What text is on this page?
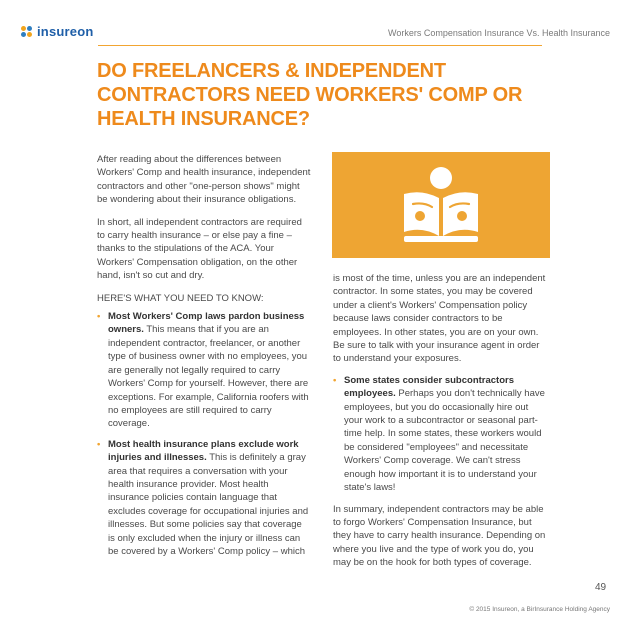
insureon	Workers Compensation Insurance Vs. Health Insurance
DO FREELANCERS & INDEPENDENT CONTRACTORS NEED WORKERS' COMP OR HEALTH INSURANCE?

After reading about the differences between Workers' Comp and health insurance, independent contractors and other "one-person shows" might be wondering about their insurance obligations.

In short, all independent contractors are required to carry health insurance – or else pay a fine – thanks to the stipulations of the ACA. Your Workers' Compensation obligation, on the other hand, isn't so cut and dry.

HERE'S WHAT YOU NEED TO KNOW:

• Most Workers' Comp laws pardon business owners. This means that if you are an independent contractor, freelancer, or another type of business owner with no employees, you are generally not legally required to carry Workers' Comp for yourself. However, there are exceptions. For example, California roofers with no employees are still required to carry coverage.
• Most health insurance plans exclude work injuries and illnesses. This is definitely a gray area that requires a conversation with your health insurance provider. Most health insurance policies contain language that excludes coverage for occupational injuries and illnesses. But some policies say that coverage is only excluded when the injury or illness can be covered by a Workers' Comp policy – which

is most of the time, unless you are an independent contractor. In some states, you may be covered under a client's Workers' Compensation policy because laws consider contractors to be employees. In other states, you are on your own. Be sure to talk with your insurance agent in order to understand your exposures.

• Some states consider subcontractors employees. Perhaps you don't technically have employees, but you do occasionally hire out your work to a subcontractor or seasonal part-time help. In some states, these workers would be considered "employees" and necessitate Workers' Comp coverage. We can't stress enough how important it is to understand your state's laws!

In summary, independent contractors may be able to forgo Workers' Compensation Insurance, but they have to carry health insurance. Depending on where you live and the type of work you do, you may be on the hook for both types of coverage.

49
© 2015 Insureon, a BirInsurance Holding Agency
